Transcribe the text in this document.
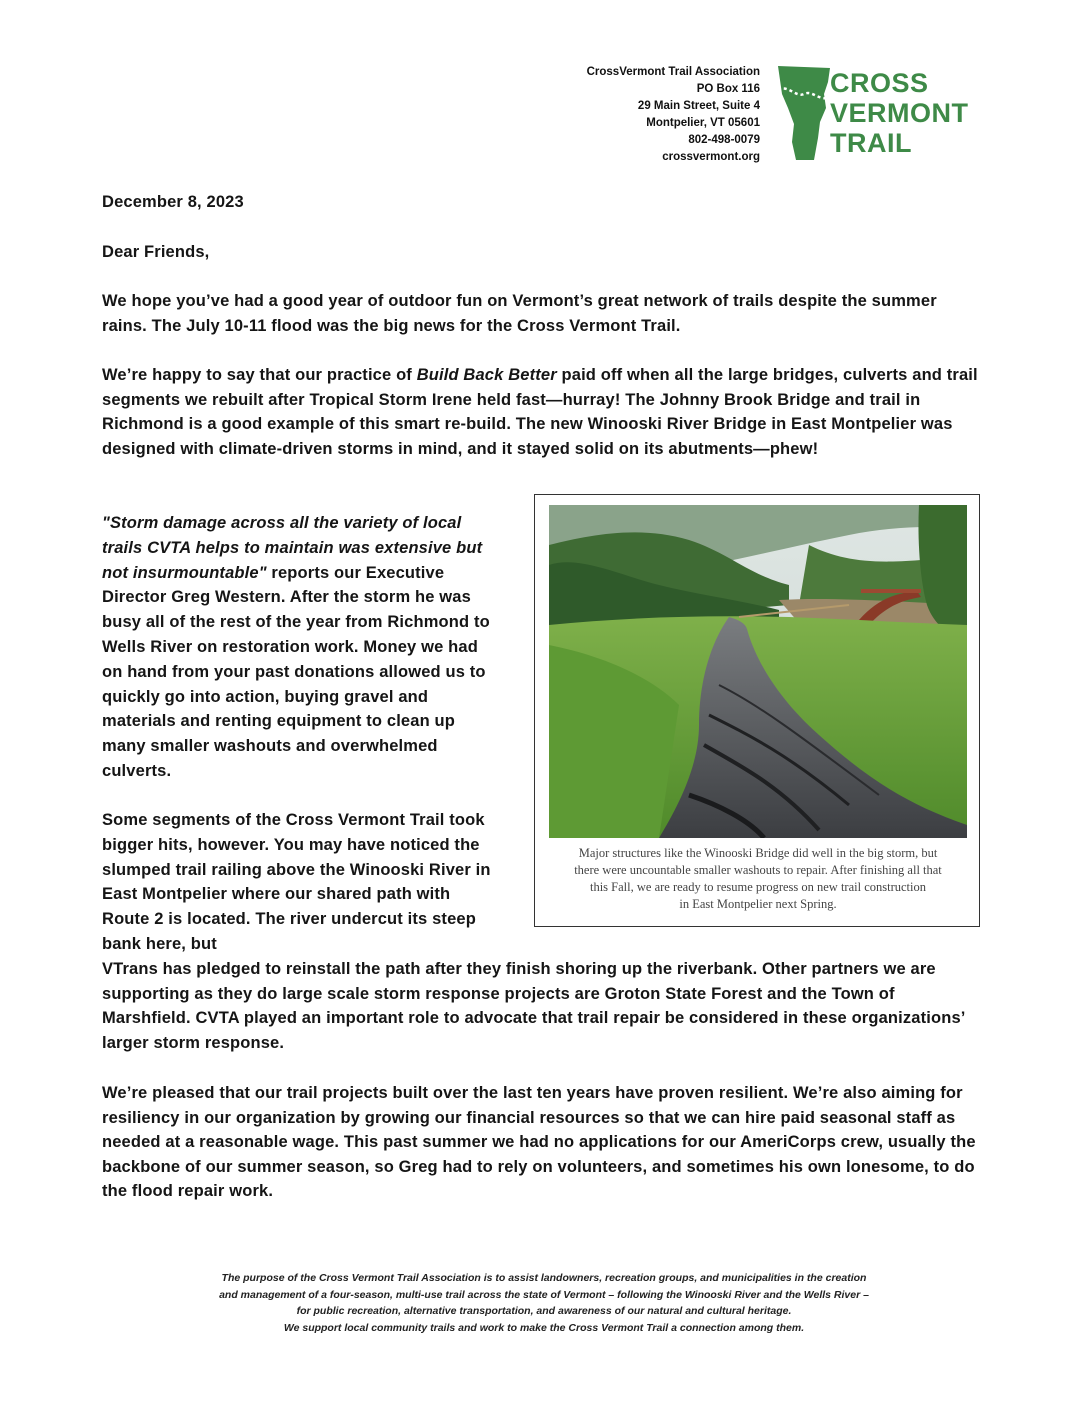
CrossVermont Trail Association
PO Box 116
29 Main Street, Suite 4
Montpelier, VT 05601
802-498-0079
crossvermont.org
CROSS
VERMONT
TRAIL
December 8, 2023
Dear Friends,

We hope you’ve had a good year of outdoor fun on Vermont’s great network of trails despite the summer rains. The July 10-11 flood was the big news for the Cross Vermont Trail.

We’re happy to say that our practice of Build Back Better paid off when all the large bridges, culverts and trail segments we rebuilt after Tropical Storm Irene held fast—hurray! The Johnny Brook Bridge and trail in Richmond is a good example of this smart re-build. The new Winooski River Bridge in East Montpelier was designed with climate-driven storms in mind, and it stayed solid on its abutments—phew!

"Storm damage across all the variety of local trails CVTA helps to maintain was extensive but not insurmountable" reports our Executive Director Greg Western. After the storm he was busy all of the rest of the year from Richmond to Wells River on restoration work. Money we had on hand from your past donations allowed us to quickly go into action, buying gravel and materials and renting equipment to clean up many smaller washouts and overwhelmed culverts.

Some segments of the Cross Vermont Trail took bigger hits, however. You may have noticed the slumped trail railing above the Winooski River in East Montpelier where our shared path with Route 2 is located. The river undercut its steep bank here, but

VTrans has pledged to reinstall the path after they finish shoring up the riverbank. Other partners we are supporting as they do large scale storm response projects are Groton State Forest and the Town of Marshfield. CVTA played an important role to advocate that trail repair be considered in these organizations’ larger storm response.

We’re pleased that our trail projects built over the last ten years have proven resilient. We’re also aiming for resiliency in our organization by growing our financial resources so that we can hire paid seasonal staff as needed at a reasonable wage. This past summer we had no applications for our AmeriCorps crew, usually the backbone of our summer season, so Greg had to rely on volunteers, and sometimes his own lonesome, to do the flood repair work.

Major structures like the Winooski Bridge did well in the big storm, but
there were uncountable smaller washouts to repair. After finishing all that
this Fall, we are ready to resume progress on new trail construction
in East Montpelier next Spring.
The purpose of the Cross Vermont Trail Association is to assist landowners, recreation groups, and municipalities in the creation
and management of a four-season, multi-use trail across the state of Vermont – following the Winooski River and the Wells River –
for public recreation, alternative transportation, and awareness of our natural and cultural heritage.
We support local community trails and work to make the Cross Vermont Trail a connection among them.
